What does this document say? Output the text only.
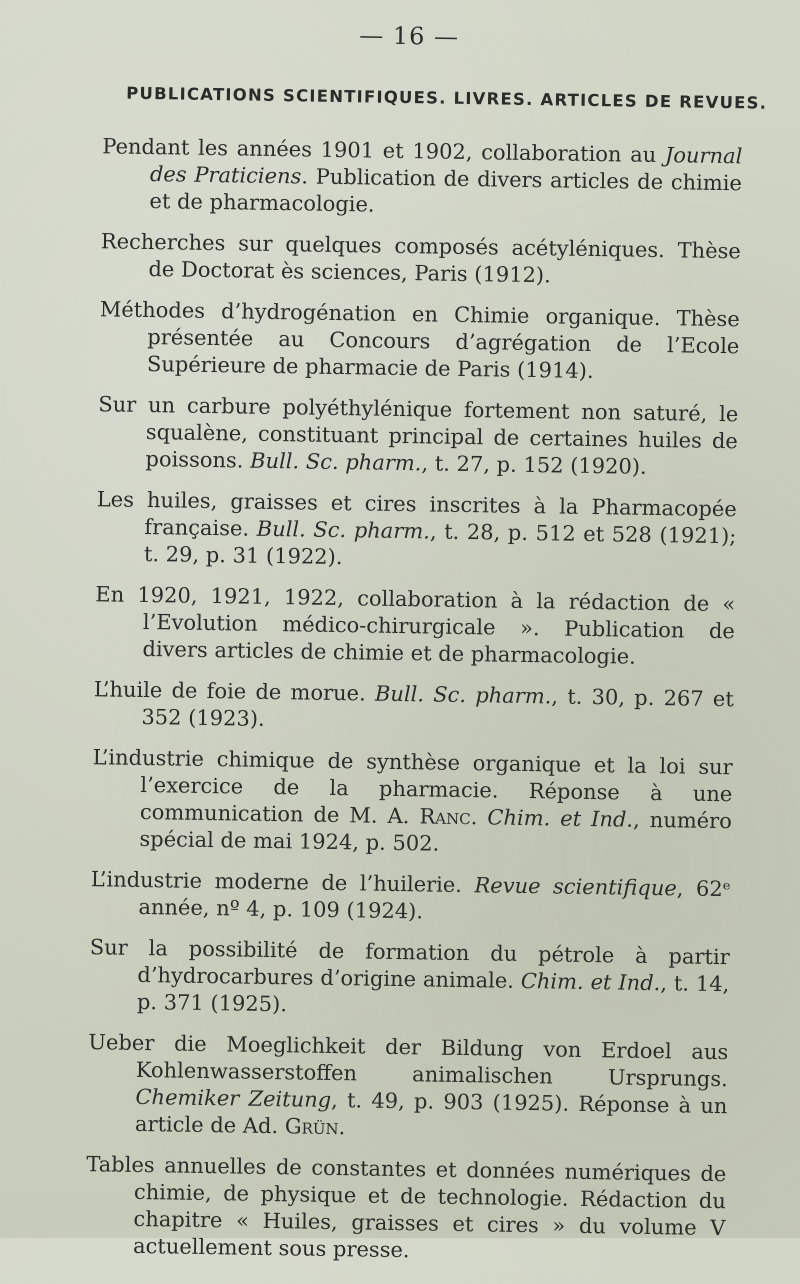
— 16 —
PUBLICATIONS SCIENTIFIQUES. LIVRES. ARTICLES DE REVUES.

Pendant les années 1901 et 1902, collaboration au Journal des Praticiens. Publication de divers articles de chimie et de pharmacologie.

Recherches sur quelques composés acétyléniques. Thèse de Doctorat ès sciences, Paris (1912).

Méthodes d’hydrogénation en Chimie organique. Thèse présentée au Concours d’agrégation de l’Ecole Supérieure de pharmacie de Paris (1914).

Sur un carbure polyéthylénique fortement non saturé, le squalène, constituant principal de certaines huiles de poissons. Bull. Sc. pharm., t. 27, p. 152 (1920).

Les huiles, graisses et cires inscrites à la Pharmacopée française. Bull. Sc. pharm., t. 28, p. 512 et 528 (1921); t. 29, p. 31 (1922).

En 1920, 1921, 1922, collaboration à la rédaction de « l’Evolution médico-chirurgicale ». Publication de divers articles de chimie et de pharmacologie.

L’huile de foie de morue. Bull. Sc. pharm., t. 30, p. 267 et 352 (1923).

L’industrie chimique de synthèse organique et la loi sur l’exercice de la pharmacie. Réponse à une communication de M. A. Ranc. Chim. et Ind., numéro spécial de mai 1924, p. 502.

L’industrie moderne de l’huilerie. Revue scientifique, 62ᵉ année, nº 4, p. 109 (1924).

Sur la possibilité de formation du pétrole à partir d’hydrocarbures d’origine animale. Chim. et Ind., t. 14, p. 371 (1925).

Ueber die Moeglichkeit der Bildung von Erdoel aus Kohlenwasserstoffen animalischen Ursprungs. Chemiker Zeitung, t. 49, p. 903 (1925). Réponse à un article de Ad. Grün.

Tables annuelles de constantes et données numériques de chimie, de physique et de technologie. Rédaction du chapitre « Huiles, graisses et cires » du volume V actuellement sous presse.
